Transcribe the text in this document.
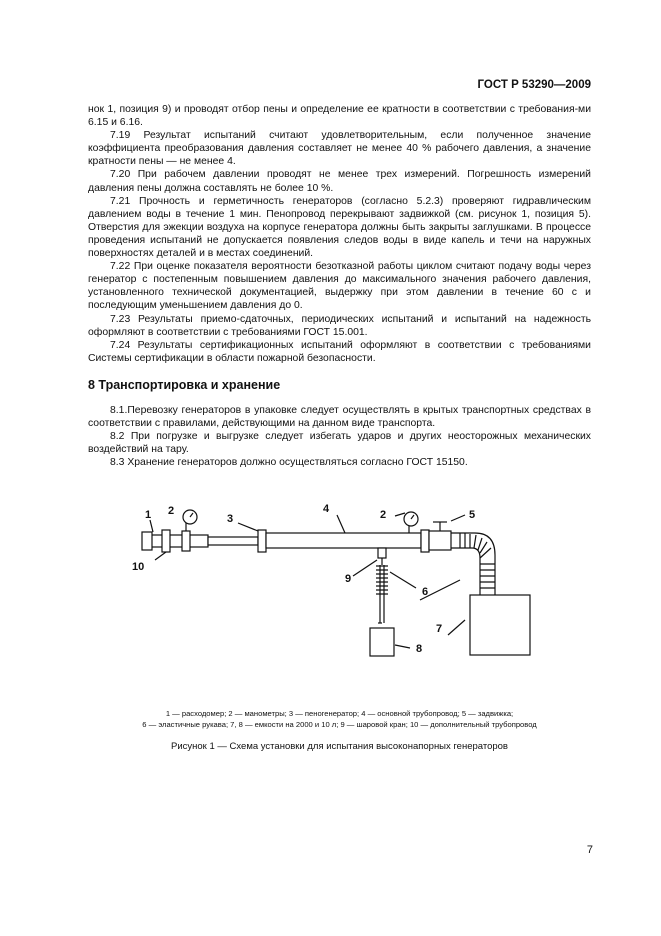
ГОСТ Р 53290—2009

нок 1, позиция 9) и проводят отбор пены и определение ее кратности в соответствии с требования-ми 6.15 и 6.16.

7.19 Результат испытаний считают удовлетворительным, если полученное значение коэффициента преобразования давления составляет не менее 40 % рабочего давления, а значение кратности пены — не менее 4.

7.20 При рабочем давлении проводят не менее трех измерений. Погрешность измерений давления пены должна составлять не более 10 %.

7.21 Прочность и герметичность генераторов (согласно 5.2.3) проверяют гидравлическим давлением воды в течение 1 мин. Пенопровод перекрывают задвижкой (см. рисунок 1, позиция 5). Отверстия для эжекции воздуха на корпусе генератора должны быть закрыты заглушками. В процессе проведения испытаний не допускается появления следов воды в виде капель и течи на наружных поверхностях деталей и в местах соединений.

7.22 При оценке показателя вероятности безотказной работы циклом считают подачу воды через генератор с постепенным повышением давления до максимального значения рабочего давления, установленного технической документацией, выдержку при этом давлении в течение 60 с и последующим уменьшением давления до 0.

7.23 Результаты приемо-сдаточных, периодических испытаний и испытаний на надежность оформляют в соответствии с требованиями ГОСТ 15.001.

7.24 Результаты сертификационных испытаний оформляют в соответствии с требованиями Системы сертификации в области пожарной безопасности.

8 Транспортировка и хранение

8.1.Перевозку генераторов в упаковке следует осуществлять в крытых транспортных средствах в соответствии с правилами, действующими на данном виде транспорта.

8.2 При погрузке и выгрузке следует избегать ударов и других неосторожных механических воздействий на тару.

8.3 Хранение генераторов должно осуществляться согласно ГОСТ 15150.

1 2
3
4	2	5
10
9
6
7
8
1 — расходомер; 2 — манометры; 3 — пеногенератор; 4 — основной трубопровод; 5 — задвижка;
6 — эластичные рукава; 7, 8 — емкости на 2000 и 10 л; 9 — шаровой кран; 10 — дополнительный трубопровод
Рисунок 1 — Схема установки для испытания высоконапорных генераторов
7
